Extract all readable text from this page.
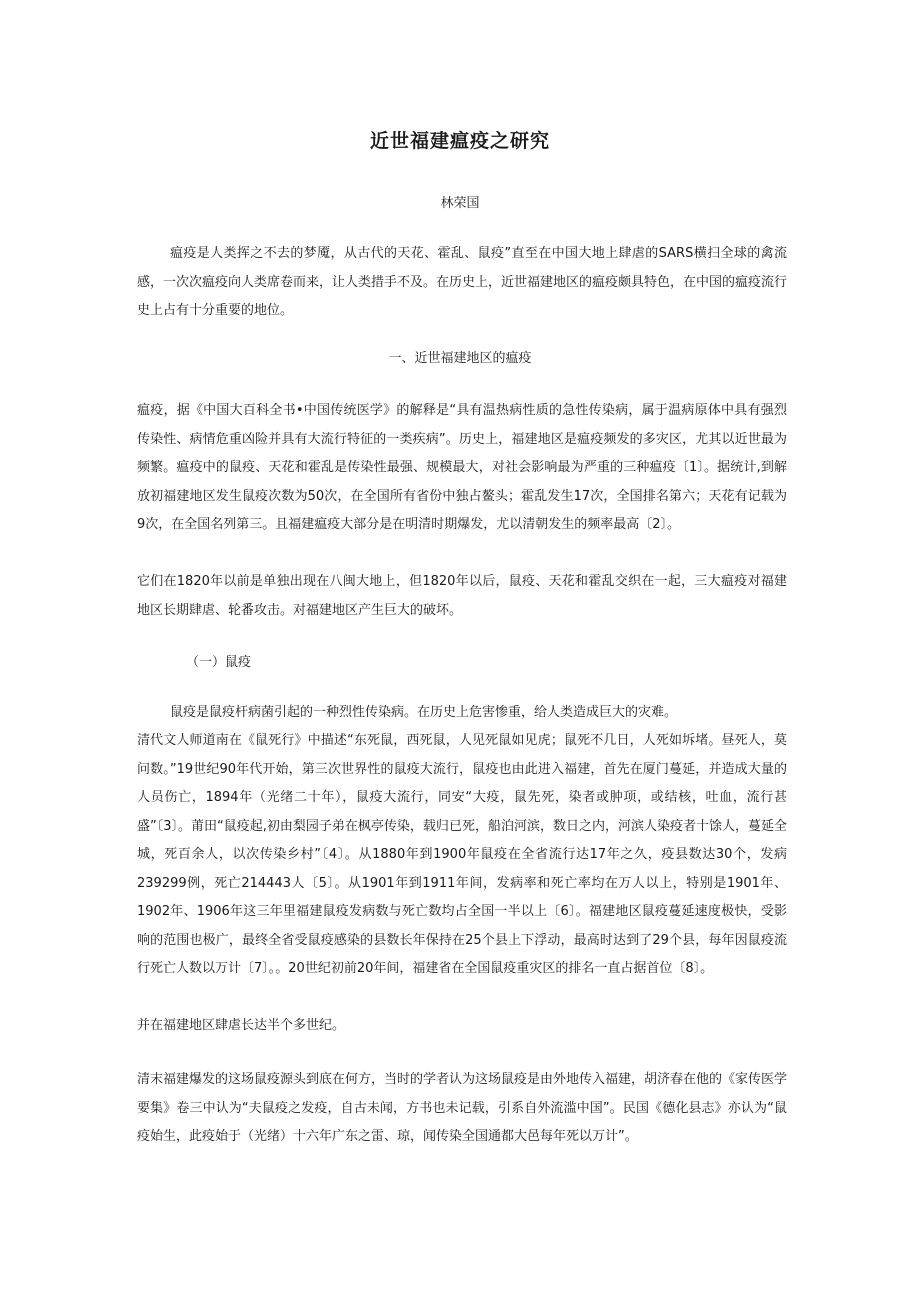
近世福建瘟疫之研究
林荣国

瘟疫是人类挥之不去的梦魇，从古代的天花、霍乱、鼠疫”直至在中国大地上肆虐的SARS横扫全球的禽流感，一次次瘟疫向人类席卷而来，让人类措手不及。在历史上，近世福建地区的瘟疫颇具特色，在中国的瘟疫流行史上占有十分重要的地位。

一、近世福建地区的瘟疫

瘟疫，据《中国大百科全书•中国传统医学》的解释是“具有温热病性质的急性传染病，属于温病原体中具有强烈传染性、病情危重凶险并具有大流行特征的一类疾病”。历史上，福建地区是瘟疫频发的多灾区，尤其以近世最为频繁。瘟疫中的鼠疫、天花和霍乱是传染性最强、规模最大，对社会影响最为严重的三种瘟疫〔1〕。据统计,到解放初福建地区发生鼠疫次数为50次，在全国所有省份中独占鳌头；霍乱发生17次，全国排名第六；天花有记载为9次，在全国名列第三。且福建瘟疫大部分是在明清时期爆发，尤以清朝发生的频率最高〔2〕。

它们在1820年以前是单独出现在八闽大地上，但1820年以后，鼠疫、天花和霍乱交织在一起，三大瘟疫对福建地区长期肆虐、轮番攻击。对福建地区产生巨大的破坏。

（一）鼠疫

鼠疫是鼠疫杆病菌引起的一种烈性传染病。在历史上危害惨重，给人类造成巨大的灾难。

清代文人师道南在《鼠死行》中描述“东死鼠，西死鼠，人见死鼠如见虎；鼠死不几日，人死如坼堵。昼死人，莫问数。”19世纪90年代开始，第三次世界性的鼠疫大流行，鼠疫也由此进入福建，首先在厦门蔓延，并造成大量的人员伤亡，1894年（光绪二十年），鼠疫大流行，同安“大疫，鼠先死，染者或肿项，或结核，吐血，流行甚盛”〔3〕。莆田“鼠疫起,初由梨园子弟在枫亭传染，载归已死，船泊河滨，数日之内，河滨人染疫者十馀人，蔓延全城，死百余人，以次传染乡村”〔4〕。从1880年到1900年鼠疫在全省流行达17年之久，疫县数达30个，发病239299例，死亡214443人〔5〕。从1901年到1911年间，发病率和死亡率均在万人以上，特别是1901年、1902年、1906年这三年里福建鼠疫发病数与死亡数均占全国一半以上〔6〕。福建地区鼠疫蔓延速度极快，受影响的范围也极广，最终全省受鼠疫感染的县数长年保持在25个县上下浮动，最高时达到了29个县，每年因鼠疫流行死亡人数以万计〔7〕。。20世纪初前20年间，福建省在全国鼠疫重灾区的排名一直占据首位〔8〕。

并在福建地区肆虐长达半个多世纪。

清末福建爆发的这场鼠疫源头到底在何方，当时的学者认为这场鼠疫是由外地传入福建，胡济春在他的《家传医学要集》卷三中认为“夫鼠疫之发疫，自古未闻，方书也未记载，引系自外流滥中国”。民国《德化县志》亦认为“鼠疫始生，此疫始于（光绪）十六年广东之雷、琼，闻传染全国通都大邑每年死以万计”。
